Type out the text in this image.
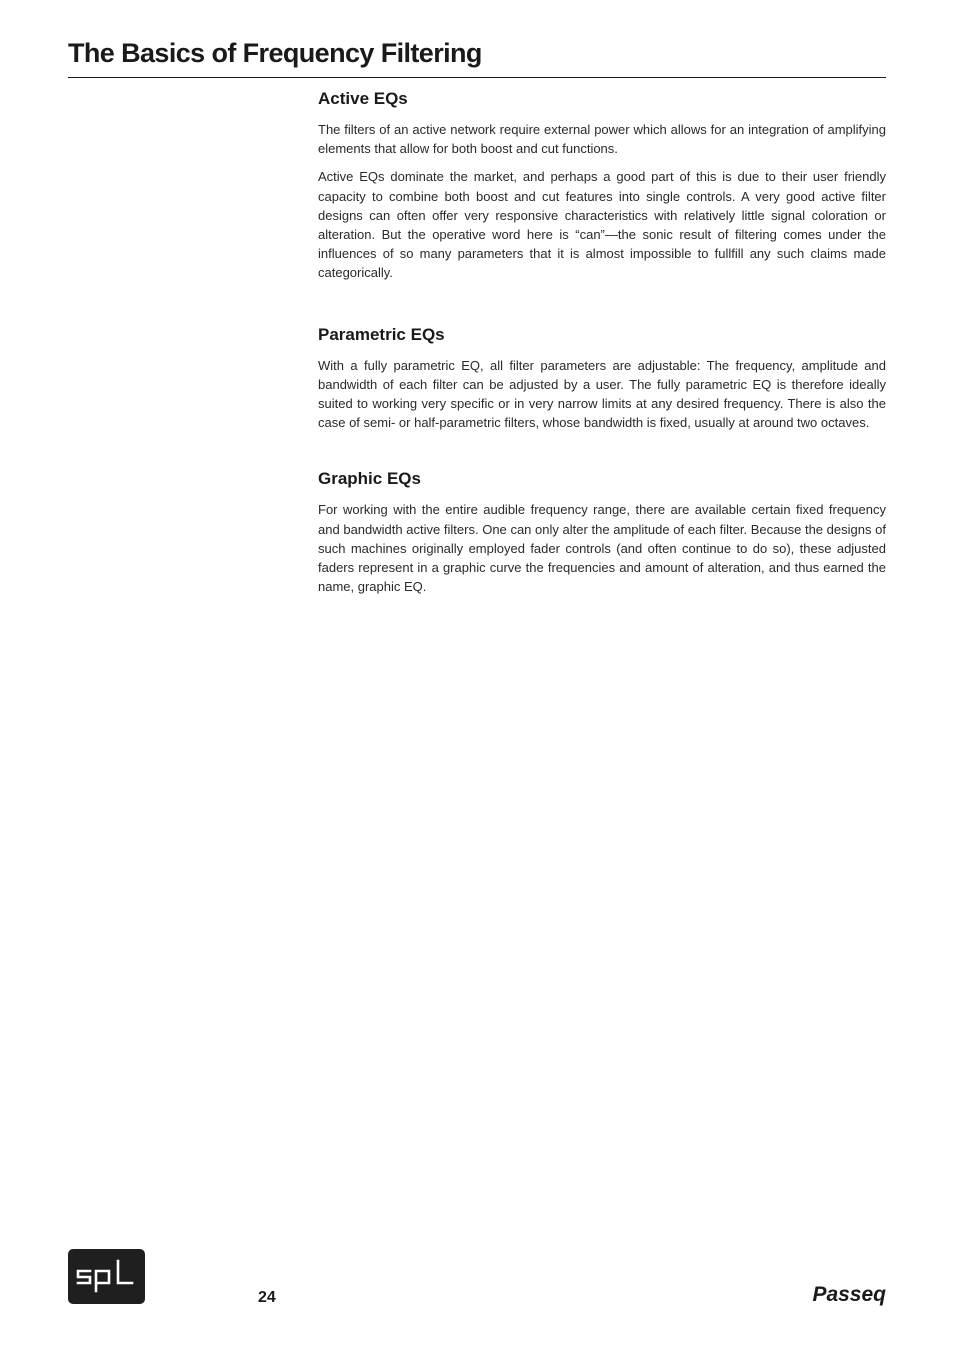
The Basics of Frequency Filtering
Active EQs

The filters of an active network require external power which allows for an integration of amplifying elements that allow for both boost and cut functions.

Active EQs dominate the market, and perhaps a good part of this is due to their user friendly capacity to combine both boost and cut features into single controls. A very good active filter designs can often offer very responsive characteristics with relatively little signal coloration or alteration. But the operative word here is “can”—the sonic result of filtering comes under the influences of so many parameters that it is almost impossible to fullfill any such claims made categorically.

Parametric EQs

With a fully parametric EQ, all filter parameters are adjustable: The frequency, amplitude and bandwidth of each filter can be adjusted by a user. The fully parametric EQ is therefore ideally suited to working very specific or in very narrow limits at any desired frequency. There is also the case of semi- or half-parametric filters, whose bandwidth is fixed, usually at around two octaves.

Graphic EQs

For working with the entire audible frequency range, there are available certain fixed frequency and bandwidth active filters. One can only alter the amplitude of each filter. Because the designs of such machines originally employed fader controls (and often continue to do so), these adjusted faders represent in a graphic curve the frequencies and amount of alteration, and thus earned the name, graphic EQ.

24	Passeq
